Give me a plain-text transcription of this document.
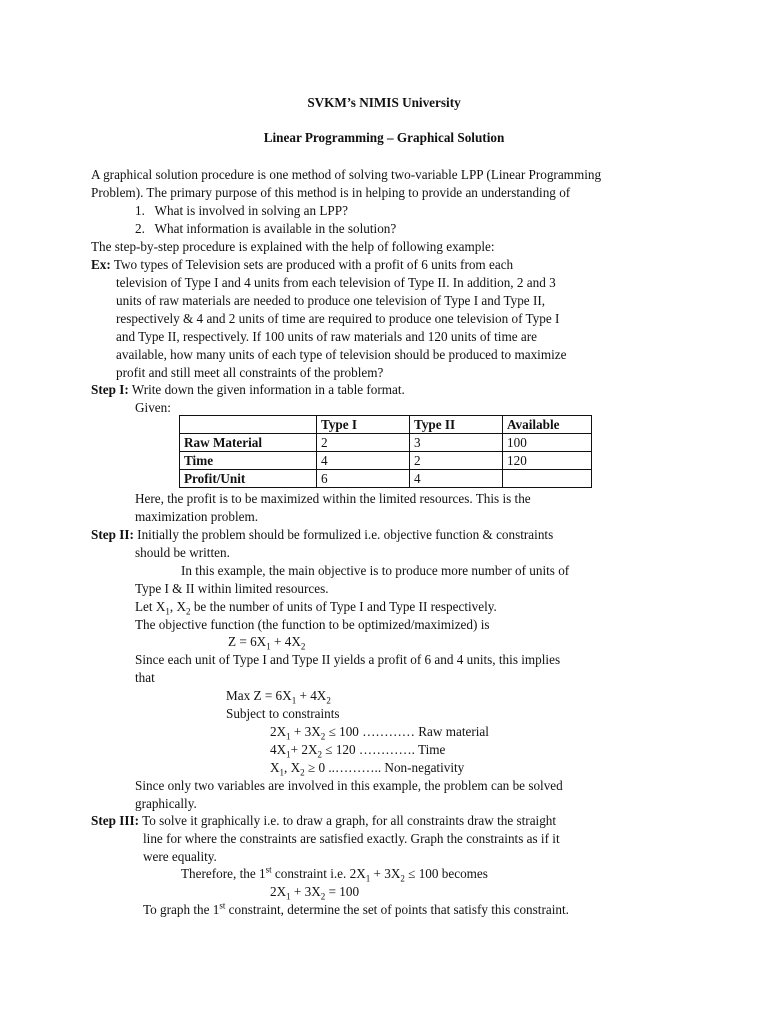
SVKM’s NIMIS University
Linear Programming – Graphical Solution
A graphical solution procedure is one method of solving two-variable LPP (Linear Programming
Problem). The primary purpose of this method is in helping to provide an understanding of
1. What is involved in solving an LPP?
2. What information is available in the solution?
The step-by-step procedure is explained with the help of following example:
Ex: Two types of Television sets are produced with a profit of 6 units from each
television of Type I and 4 units from each television of Type II. In addition, 2 and 3
units of raw materials are needed to produce one television of Type I and Type II,
respectively & 4 and 2 units of time are required to produce one television of Type I
and Type II, respectively. If 100 units of raw materials and 120 units of time are
available, how many units of each type of television should be produced to maximize
profit and still meet all constraints of the problem?
Step I: Write down the given information in a table format.
Given:
	Type I	Type II	Available
Raw Material	2	3	100
Time	4	2	120
Profit/Unit	6	4	
Here, the profit is to be maximized within the limited resources. This is the
maximization problem.
Step II: Initially the problem should be formulized i.e. objective function & constraints
should be written.
In this example, the main objective is to produce more number of units of
Type I & II within limited resources.
Let $X_1$, $X_2$ be the number of units of Type I and Type II respectively.
The objective function (the function to be optimized/maximized) is
$Z = 6X_1 + 4X_2$
Since each unit of Type I and Type II yields a profit of 6 and 4 units, this implies
that
Max $Z = 6X_1 + 4X_2$
Subject to constraints
$2X_1 + 3X_2 \le 100$ ………… Raw material
$4X_1+ 2X_2 \le 120$ …………. Time
$X_1$, $X_2 \ge 0$ ..……….. Non-negativity
Since only two variables are involved in this example, the problem can be solved
graphically.
Step III: To solve it graphically i.e. to draw a graph, for all constraints draw the straight
line for where the constraints are satisfied exactly. Graph the constraints as if it
were equality.
Therefore, the 1st constraint i.e. $2X_1 + 3X_2 \le 100$ becomes
$2X_1 + 3X_2 = 100$
To graph the 1st constraint, determine the set of points that satisfy this constraint.
